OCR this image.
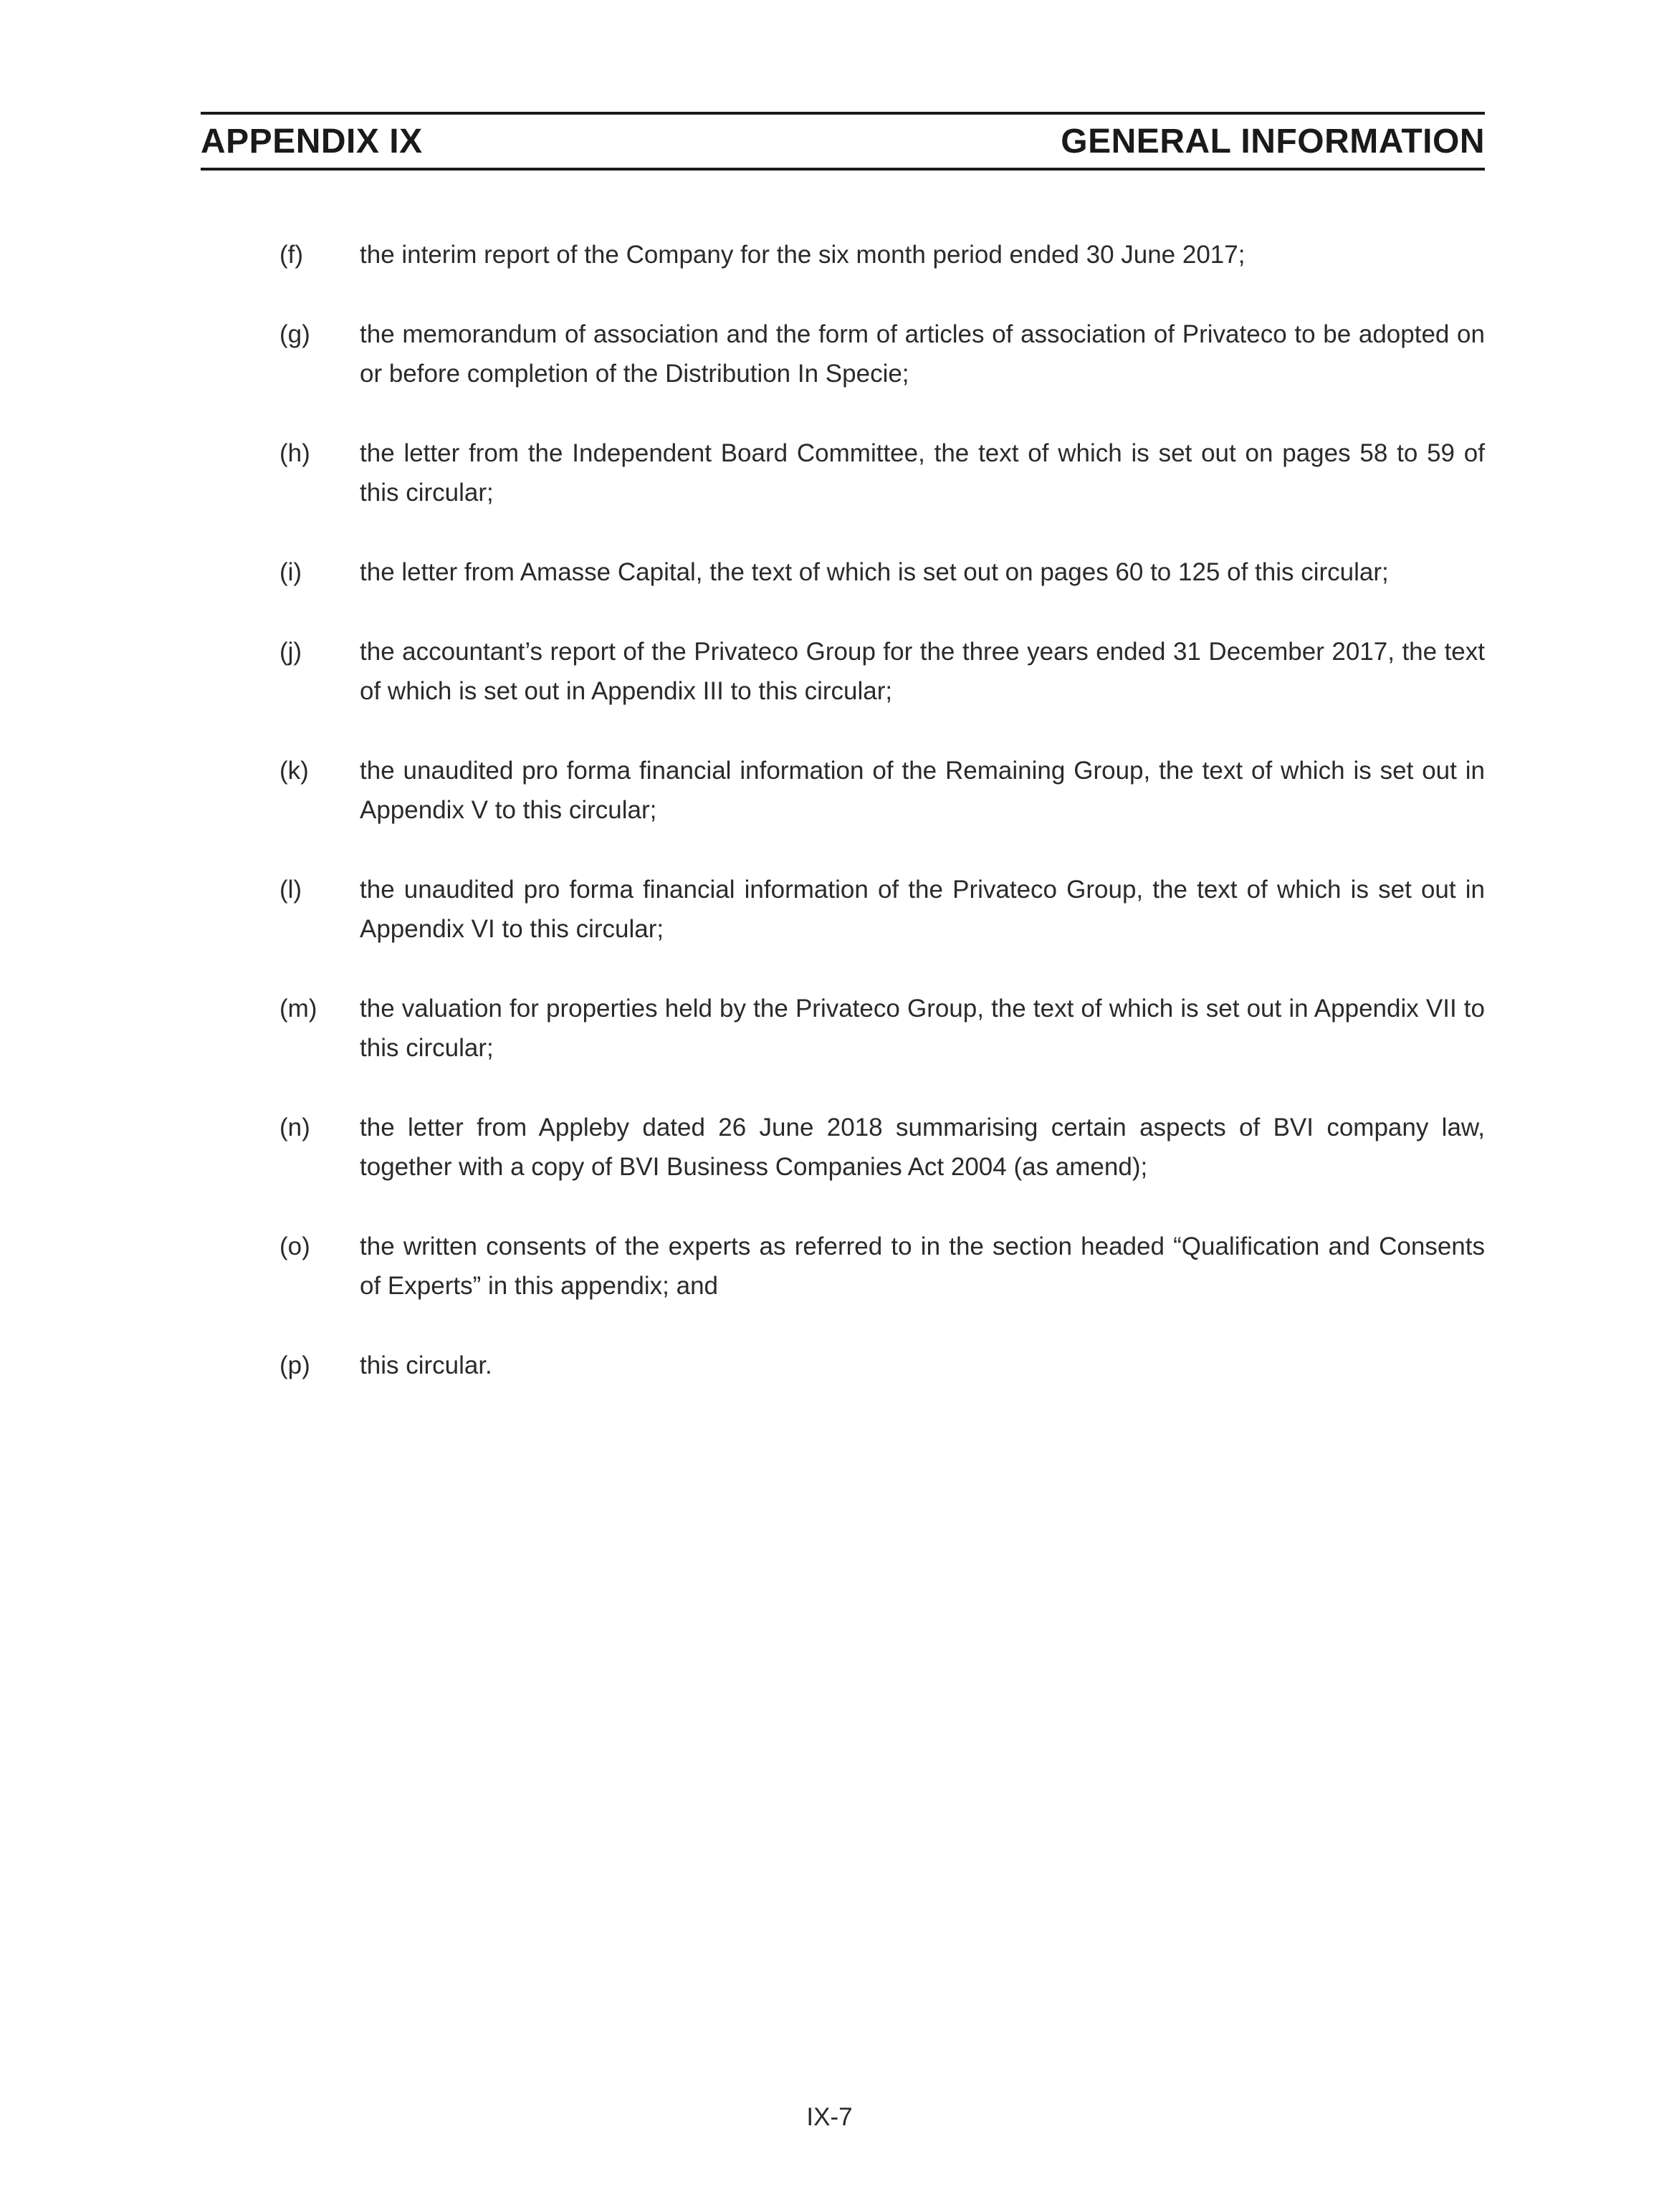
APPENDIX IX	GENERAL INFORMATION
(f)	the interim report of the Company for the six month period ended 30 June 2017;
(g)	the memorandum of association and the form of articles of association of Privateco to be adopted on or before completion of the Distribution In Specie;
(h)	the letter from the Independent Board Committee, the text of which is set out on pages 58 to 59 of this circular;
(i)	the letter from Amasse Capital, the text of which is set out on pages 60 to 125 of this circular;
(j)	the accountant’s report of the Privateco Group for the three years ended 31 December 2017, the text of which is set out in Appendix III to this circular;
(k)	the unaudited pro forma financial information of the Remaining Group, the text of which is set out in Appendix V to this circular;
(l)	the unaudited pro forma financial information of the Privateco Group, the text of which is set out in Appendix VI to this circular;
(m)	the valuation for properties held by the Privateco Group, the text of which is set out in Appendix VII to this circular;
(n)	the letter from Appleby dated 26 June 2018 summarising certain aspects of BVI company law, together with a copy of BVI Business Companies Act 2004 (as amend);
(o)	the written consents of the experts as referred to in the section headed “Qualification and Consents of Experts” in this appendix; and
(p)	this circular.
IX-7
